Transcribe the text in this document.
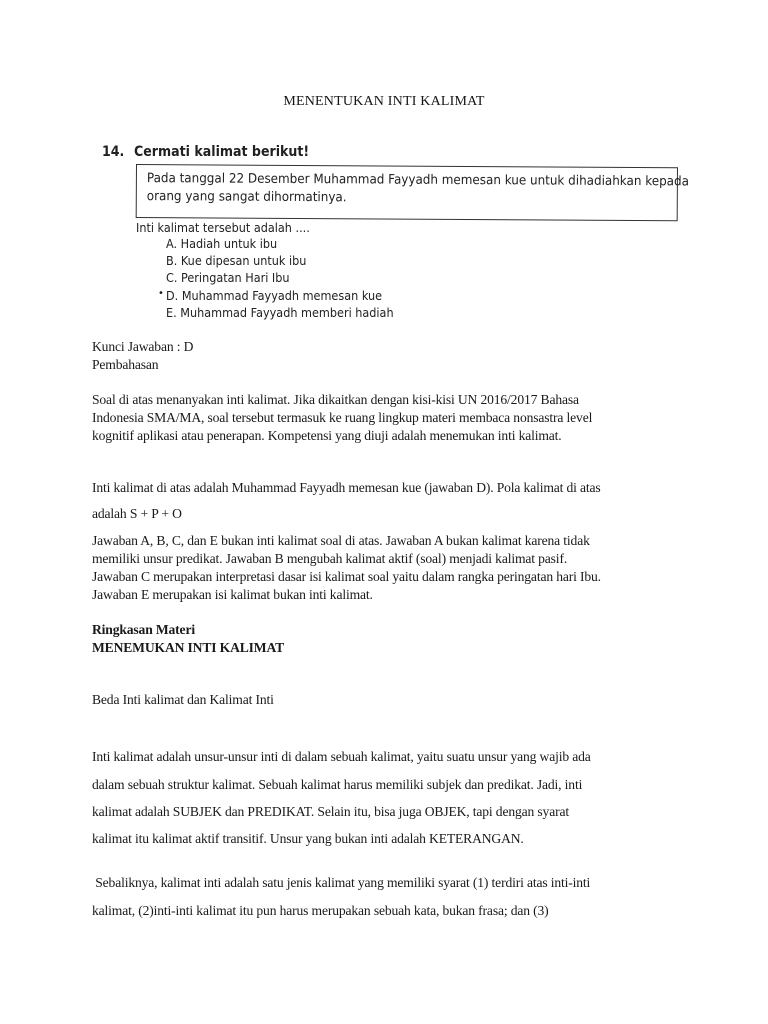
MENENTUKAN INTI KALIMAT
14. Cermati kalimat berikut!
Pada tanggal 22 Desember Muhammad Fayyadh memesan kue untuk dihadiahkan kepada
orang yang sangat dihormatinya.
Inti kalimat tersebut adalah ....
A. Hadiah untuk ibu
B. Kue dipesan untuk ibu
C. Peringatan Hari Ibu
• D. Muhammad Fayyadh memesan kue
E. Muhammad Fayyadh memberi hadiah
Kunci Jawaban : D
Pembahasan
Soal di atas menanyakan inti kalimat. Jika dikaitkan dengan kisi-kisi UN 2016/2017 Bahasa
Indonesia SMA/MA, soal tersebut termasuk ke ruang lingkup materi membaca nonsastra level
kognitif aplikasi atau penerapan. Kompetensi yang diuji adalah menemukan inti kalimat.
Inti kalimat di atas adalah Muhammad Fayyadh memesan kue (jawaban D). Pola kalimat di atas
adalah S + P + O
Jawaban A, B, C, dan E bukan inti kalimat soal di atas. Jawaban A bukan kalimat karena tidak
memiliki unsur predikat. Jawaban B mengubah kalimat aktif (soal) menjadi kalimat pasif.
Jawaban C merupakan interpretasi dasar isi kalimat soal yaitu dalam rangka peringatan hari Ibu.
Jawaban E merupakan isi kalimat bukan inti kalimat.
Ringkasan Materi
MENEMUKAN INTI KALIMAT
Beda Inti kalimat dan Kalimat Inti
Inti kalimat adalah unsur-unsur inti di dalam sebuah kalimat, yaitu suatu unsur yang wajib ada
dalam sebuah struktur kalimat. Sebuah kalimat harus memiliki subjek dan predikat. Jadi, inti
kalimat adalah SUBJEK dan PREDIKAT. Selain itu, bisa juga OBJEK, tapi dengan syarat
kalimat itu kalimat aktif transitif. Unsur yang bukan inti adalah KETERANGAN.
Sebaliknya, kalimat inti adalah satu jenis kalimat yang memiliki syarat (1) terdiri atas inti-inti
kalimat, (2)inti-inti kalimat itu pun harus merupakan sebuah kata, bukan frasa; dan (3)
